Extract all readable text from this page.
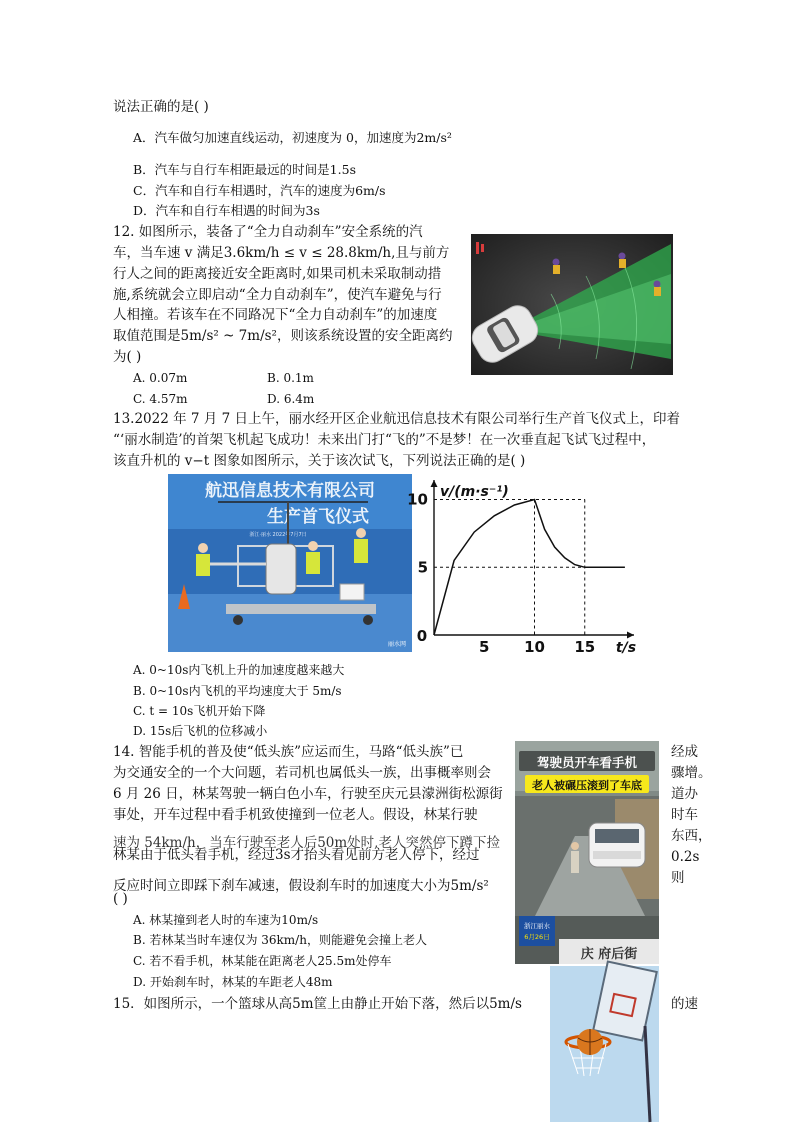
说法正确的是( )
A．汽车做匀加速直线运动，初速度为 0，加速度为2m/s²
B．汽车与自行车相距最远的时间是1.5s
C．汽车和自行车相遇时，汽车的速度为6m/s
D．汽车和自行车相遇的时间为3s
12. 如图所示，装备了“全力自动刹车”安全系统的汽
车，当车速 v 满足3.6km/h ≤ v ≤ 28.8km/h,且与前方
行人之间的距离接近安全距离时,如果司机未采取制动措
施,系统就会立即启动“全力自动刹车”，使汽车避免与行
人相撞。若该车在不同路况下“全力自动刹车”的加速度
取值范围是5m/s² ~ 7m/s²，则该系统设置的安全距离约
为( )
A. 0.07m	B. 0.1m
C. 4.57m	D. 6.4m
13.2022 年 7 月 7 日上午，丽水经开区企业航迅信息技术有限公司举行生产首飞仪式上，印着
“‘丽水制造’的首架飞机起飞成功！未来出门打“飞的”不是梦！在一次垂直起飞试飞过程中，
该直升机的 v−t 图象如图所示，关于该次试飞，下列说法正确的是( )
航迅信息技术有限公司
生产首飞仪式
浙江·丽水 2022年7月7日
丽水网	5 10 15
5
10
0
t/s
v/(m·s⁻¹)
A. 0~10s内飞机上升的加速度越来越大
B. 0~10s内飞机的平均速度大于 5m/s
C. t = 10s飞机开始下降
D. 15s后飞机的位移减小
14. 智能手机的普及使“低头族”应运而生，马路“低头族”已
为交通安全的一个大问题，若司机也属低头一族，出事概率则会
6 月 26 日，林某驾驶一辆白色小车，行驶至庆元县濛洲街松源街
事处，开车过程中看手机致使撞到一位老人。假设，林某行驶
速为 54km/h，当车行驶至老人后50m处时,老人突然停下蹲下捡
林某由于低头看手机，经过3s才抬头看见前方老人停下，经过
反应时间立即踩下刹车减速，假设刹车时的加速度大小为5m/s²
( )
经成
骤增。
道办
时车
东西，
0.2s
则
驾驶员开车看手机
老人被碾压滚到了车底
浙江丽水
6月26日
庆 府后街
A. 林某撞到老人时的车速为10m/s
B. 若林某当时车速仅为 36km/h，则能避免会撞上老人
C. 若不看手机，林某能在距离老人25.5m处停车
D. 开始刹车时，林某的车距老人48m
15．如图所示，一个篮球从高5m筐上由静止开始下落，然后以5m/s	的速
